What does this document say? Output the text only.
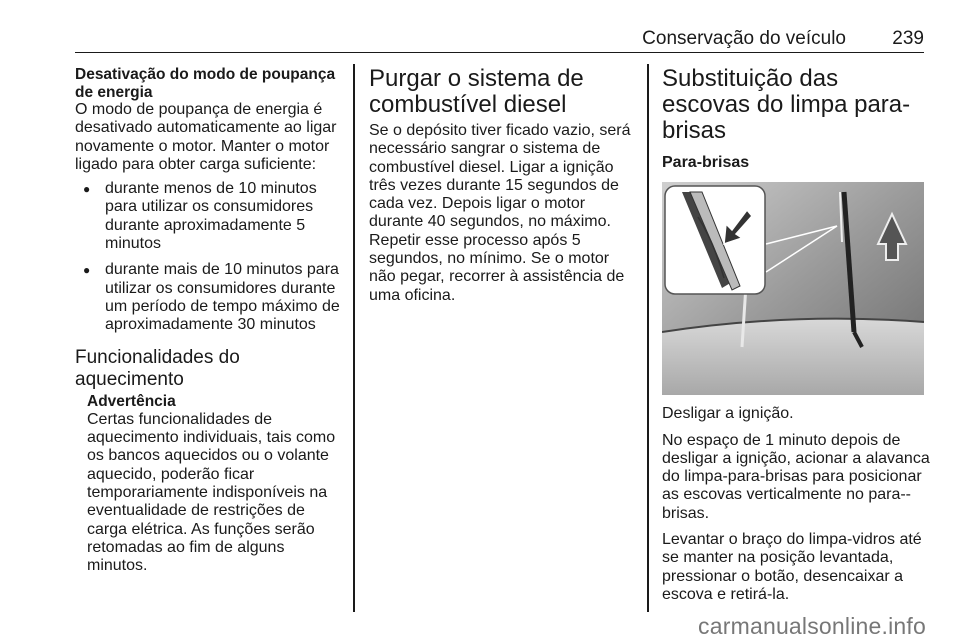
Conservação do veículo 239

Desativação do modo de poupança de energia

O modo de poupança de energia é desativado automaticamente ao ligar novamente o motor. Manter o motor ligado para obter carga suficiente:

● durante menos de 10 minutos para utilizar os consumidores durante aproximadamente 5 minutos
● durante mais de 10 minutos para utilizar os consumidores durante um período de tempo máximo de aproximadamente 30 minutos

Funcionalidades do aquecimento

Advertência

Certas funcionalidades de aquecimento individuais, tais como os bancos aquecidos ou o volante aquecido, poderão ficar temporariamente indisponíveis na eventualidade de restrições de carga elétrica. As funções serão retomadas ao fim de alguns minutos.

Purgar o sistema de combustível diesel

Se o depósito tiver ficado vazio, será necessário sangrar o sistema de combustível diesel. Ligar a ignição três vezes durante 15 segundos de cada vez. Depois ligar o motor durante 40 segundos, no máximo. Repetir esse processo após 5 segundos, no mínimo. Se o motor não pegar, recorrer à assistência de uma oficina.

Substituição das escovas do limpa para-brisas

Para-brisas

Desligar a ignição.

No espaço de 1 minuto depois de desligar a ignição, acionar a alavanca do limpa-para-brisas para posicionar as escovas verticalmente no para--brisas.

Levantar o braço do limpa-vidros até se manter na posição levantada, pressionar o botão, desencaixar a escova e retirá-la.

carmanualsonline.info
